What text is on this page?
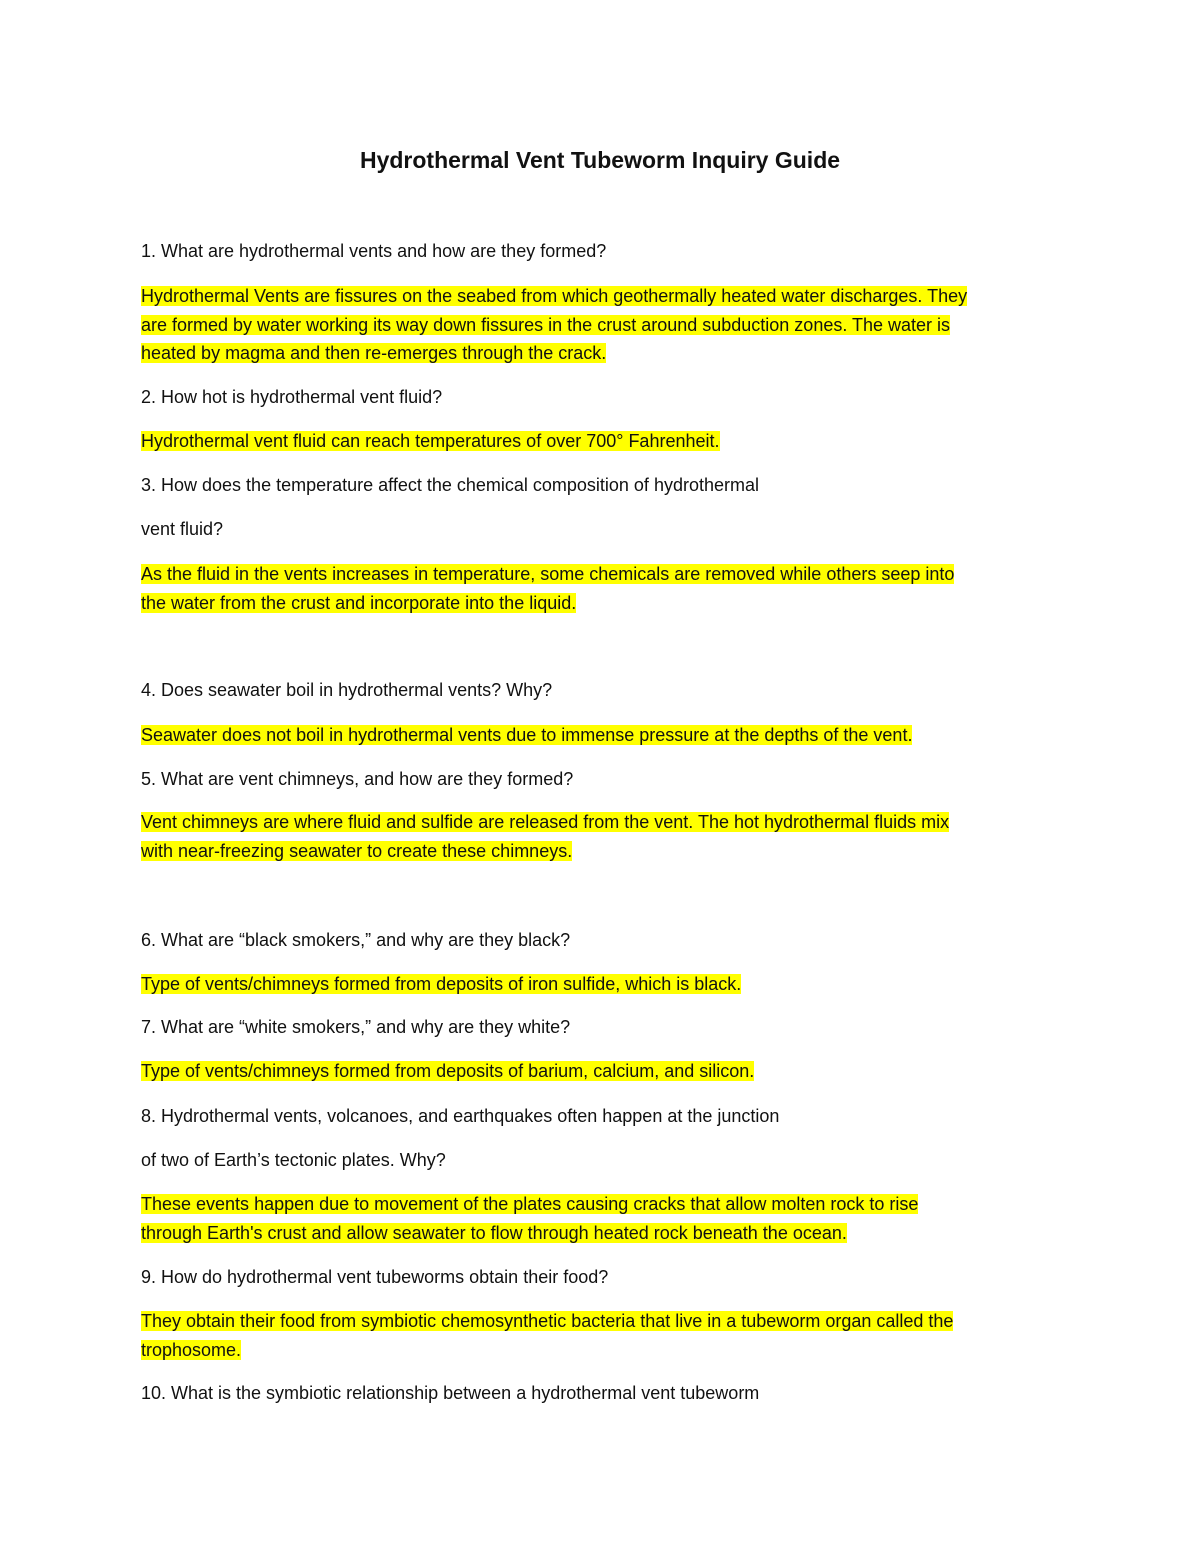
Hydrothermal Vent Tubeworm Inquiry Guide

1. What are hydrothermal vents and how are they formed?

Hydrothermal Vents are fissures on the seabed from which geothermally heated water discharges. They
are formed by water working its way down fissures in the crust around subduction zones. The water is
heated by magma and then re-emerges through the crack.

2. How hot is hydrothermal vent fluid?

Hydrothermal vent fluid can reach temperatures of over 700° Fahrenheit.

3. How does the temperature affect the chemical composition of hydrothermal

vent fluid?

As the fluid in the vents increases in temperature, some chemicals are removed while others seep into
the water from the crust and incorporate into the liquid.

4. Does seawater boil in hydrothermal vents? Why?

Seawater does not boil in hydrothermal vents due to immense pressure at the depths of the vent.

5. What are vent chimneys, and how are they formed?

Vent chimneys are where fluid and sulfide are released from the vent. The hot hydrothermal fluids mix
with near-freezing seawater to create these chimneys.

6. What are “black smokers,” and why are they black?

Type of vents/chimneys formed from deposits of iron sulfide, which is black.

7. What are “white smokers,” and why are they white?

Type of vents/chimneys formed from deposits of barium, calcium, and silicon.

8. Hydrothermal vents, volcanoes, and earthquakes often happen at the junction

of two of Earth’s tectonic plates. Why?

These events happen due to movement of the plates causing cracks that allow molten rock to rise
through Earth's crust and allow seawater to flow through heated rock beneath the ocean.

9. How do hydrothermal vent tubeworms obtain their food?

They obtain their food from symbiotic chemosynthetic bacteria that live in a tubeworm organ called the
trophosome.

10. What is the symbiotic relationship between a hydrothermal vent tubeworm
